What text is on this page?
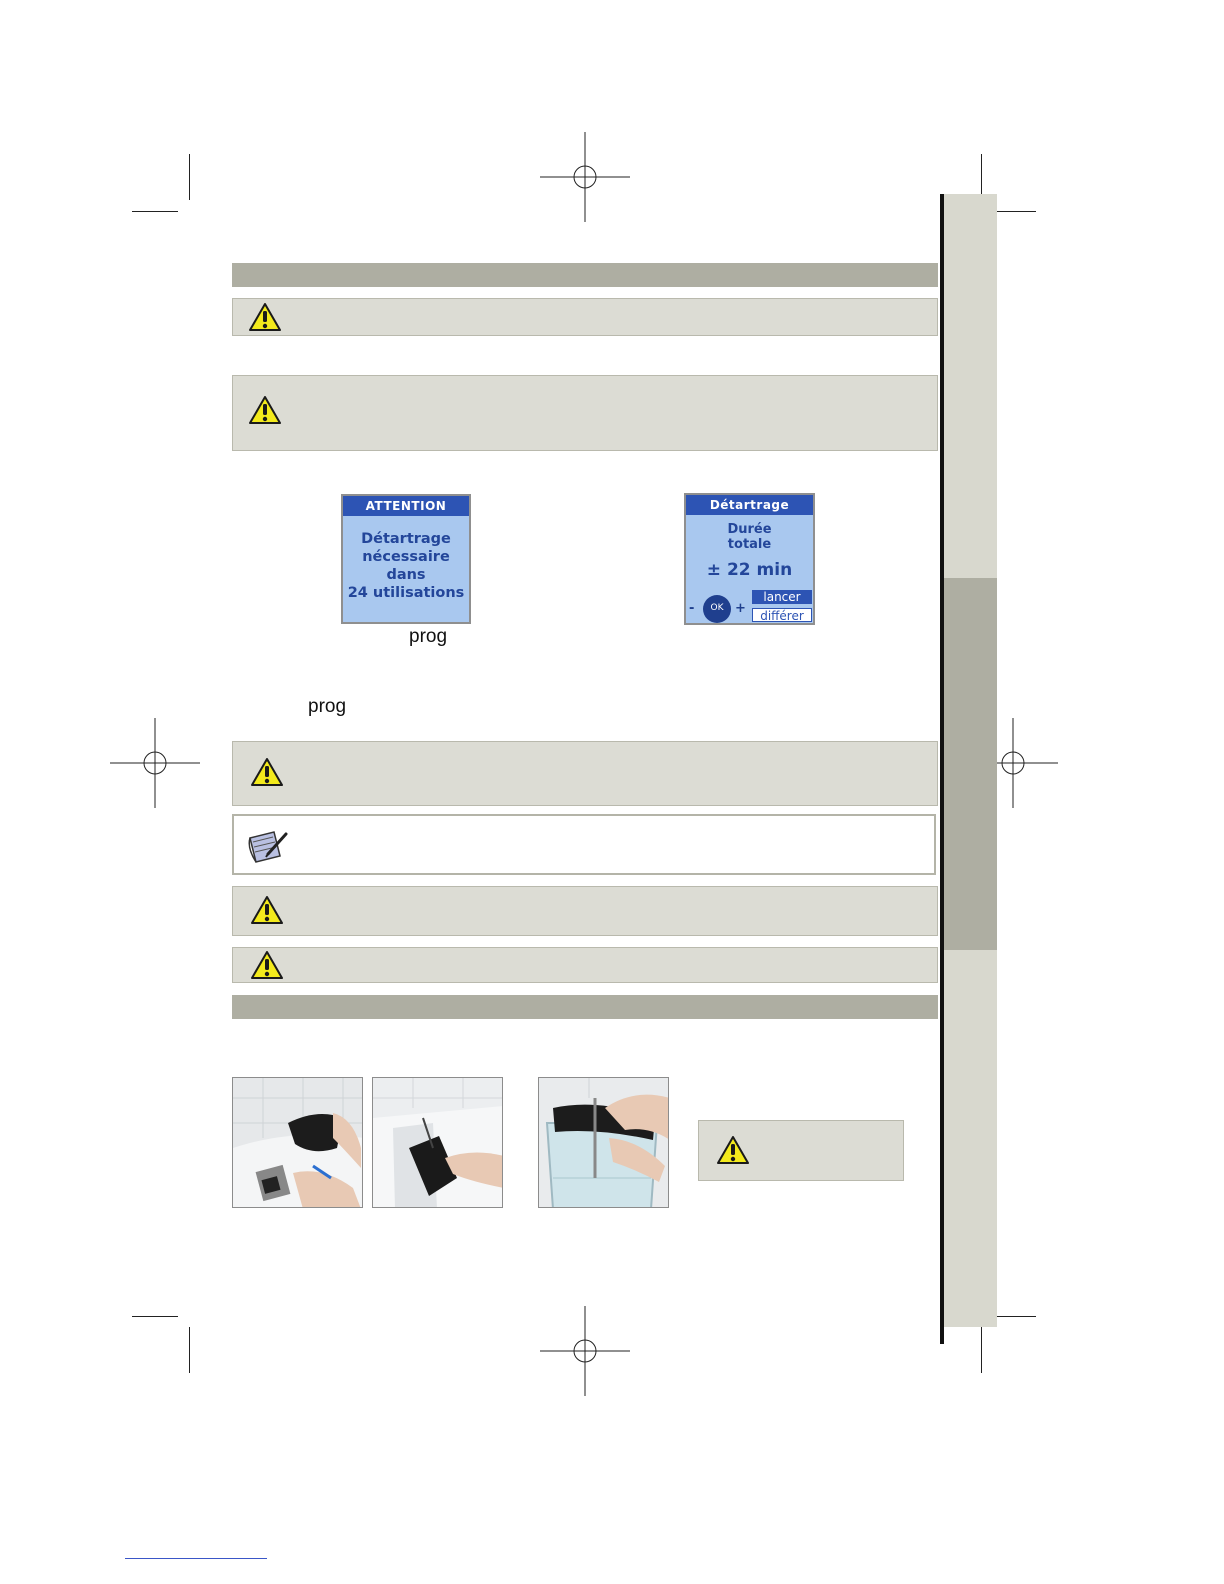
ATTENTION
Détartrage
nécessaire
dans
24 utilisations
prog
Détartrage
Durée
totale
± 22 min
OK
-	+
lancer
différer
prog
